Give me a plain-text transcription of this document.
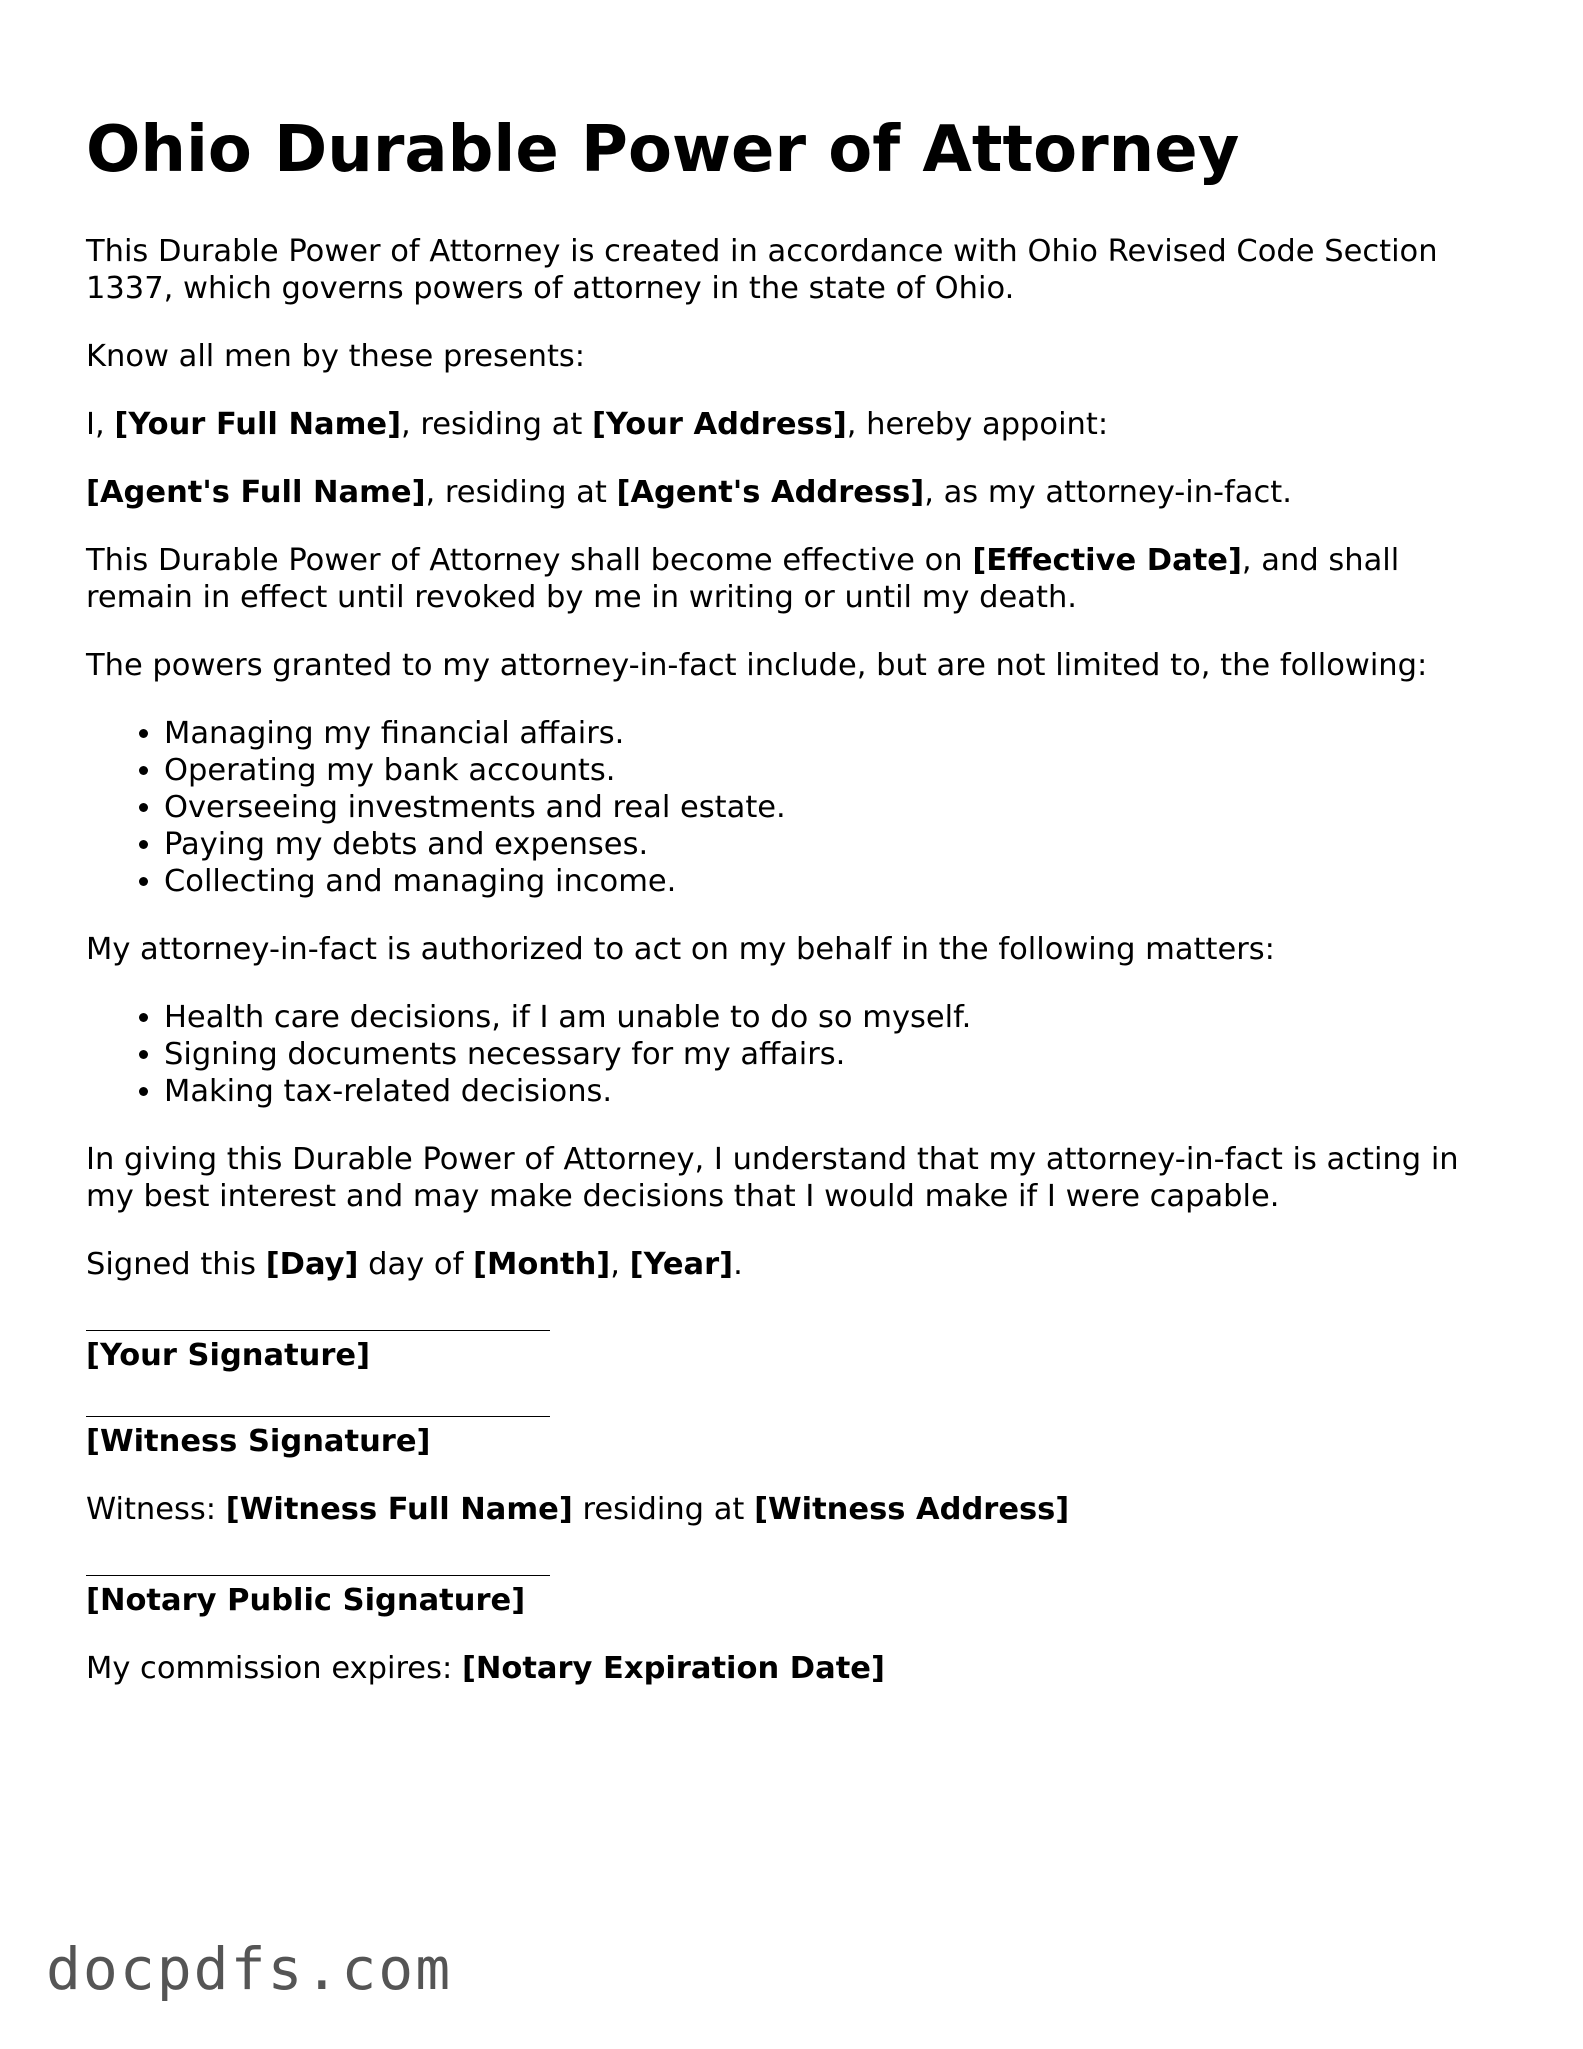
Ohio Durable Power of Attorney

This Durable Power of Attorney is created in accordance with Ohio Revised Code Section 1337, which governs powers of attorney in the state of Ohio.

Know all men by these presents:

I, [Your Full Name], residing at [Your Address], hereby appoint:

[Agent's Full Name], residing at [Agent's Address], as my attorney-in-fact.

This Durable Power of Attorney shall become effective on [Effective Date], and shall remain in effect until revoked by me in writing or until my death.

The powers granted to my attorney-in-fact include, but are not limited to, the following:

• Managing my financial affairs.
• Operating my bank accounts.
• Overseeing investments and real estate.
• Paying my debts and expenses.
• Collecting and managing income.

My attorney-in-fact is authorized to act on my behalf in the following matters:

• Health care decisions, if I am unable to do so myself.
• Signing documents necessary for my affairs.
• Making tax-related decisions.

In giving this Durable Power of Attorney, I understand that my attorney-in-fact is acting in my best interest and may make decisions that I would make if I were capable.

Signed this [Day] day of [Month], [Year].

[Your Signature]
[Witness Signature]

Witness: [Witness Full Name] residing at [Witness Address]

[Notary Public Signature]

My commission expires: [Notary Expiration Date]

docpdfs.com
